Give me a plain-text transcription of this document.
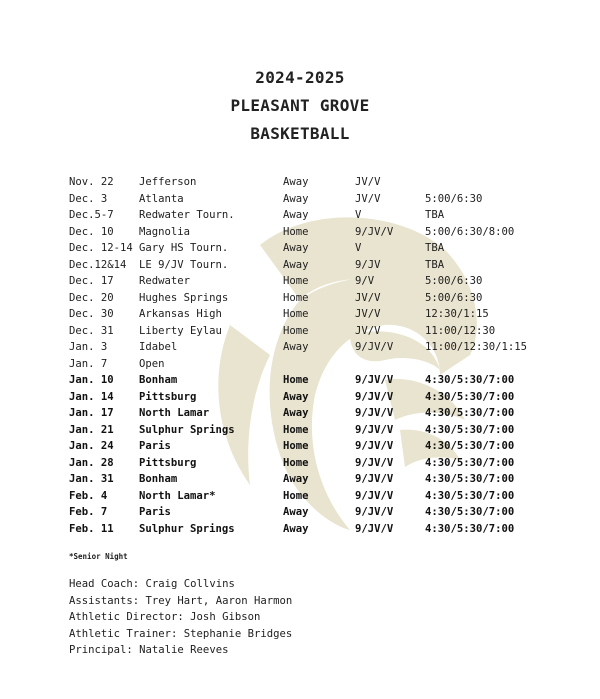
2024-2025
PLEASANT GROVE
BASKETBALL
Nov. 22 Jefferson	Away	JV/V
Dec. 3	Atlanta	Away	JV/V	5:00/6:30
Dec.5-7 Redwater Tourn.	Away	V	TBA
Dec. 10 Magnolia	Home	9/JV/V	5:00/6:30/8:00
Dec. 12-14 Gary HS Tourn.	Away	V	TBA
Dec.12&14 LE 9/JV Tourn.	Away	9/JV	TBA
Dec. 17 Redwater	Home	9/V	5:00/6:30
Dec. 20 Hughes Springs	Home	JV/V	5:00/6:30
Dec. 30 Arkansas High	Home	JV/V	12:30/1:15
Dec. 31 Liberty Eylau	Home	JV/V	11:00/12:30
Jan. 3	Idabel	Away	9/JV/V	11:00/12:30/1:15
Jan. 7	Open
Jan. 10 Bonham	Home	9/JV/V	4:30/5:30/7:00
Jan. 14 Pittsburg	Away	9/JV/V	4:30/5:30/7:00
Jan. 17 North Lamar	Away	9/JV/V	4:30/5:30/7:00
Jan. 21 Sulphur Springs	Home	9/JV/V	4:30/5:30/7:00
Jan. 24 Paris	Home	9/JV/V	4:30/5:30/7:00
Jan. 28 Pittsburg	Home	9/JV/V	4:30/5:30/7:00
Jan. 31 Bonham	Away	9/JV/V	4:30/5:30/7:00
Feb. 4	North Lamar*	Home	9/JV/V	4:30/5:30/7:00
Feb. 7	Paris	Away	9/JV/V	4:30/5:30/7:00
Feb. 11 Sulphur Springs	Away	9/JV/V	4:30/5:30/7:00
*Senior Night
Head Coach: Craig Collvins
Assistants: Trey Hart, Aaron Harmon
Athletic Director: Josh Gibson
Athletic Trainer: Stephanie Bridges
Principal: Natalie Reeves
